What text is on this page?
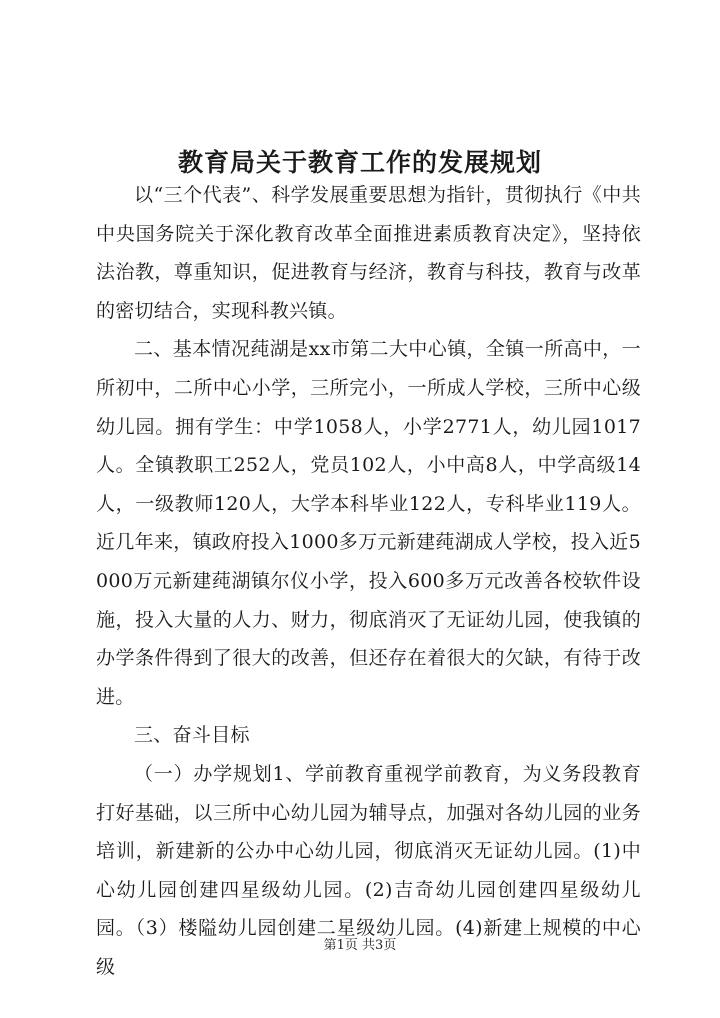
教育局关于教育工作的发展规划

以“三个代表”、科学发展重要思想为指针，贯彻执行《中共中央国务院关于深化教育改革全面推进素质教育决定》，坚持依法治教，尊重知识，促进教育与经济，教育与科技，教育与改革的密切结合，实现科教兴镇。

二、基本情况莼湖是xx市第二大中心镇，全镇一所高中，一所初中，二所中心小学，三所完小，一所成人学校，三所中心级幼儿园。拥有学生：中学1058人，小学2771人，幼儿园1017人。全镇教职工252人，党员102人，小中高8人，中学高级14人，一级教师120人，大学本科毕业122人，专科毕业119人。近几年来，镇政府投入1000多万元新建莼湖成人学校，投入近5000万元新建莼湖镇尔仪小学，投入600多万元改善各校软件设施，投入大量的人力、财力，彻底消灭了无证幼儿园，使我镇的办学条件得到了很大的改善，但还存在着很大的欠缺，有待于改进。

三、奋斗目标

（一）办学规划1、学前教育重视学前教育，为义务段教育打好基础，以三所中心幼儿园为辅导点，加强对各幼儿园的业务培训，新建新的公办中心幼儿园，彻底消灭无证幼儿园。(1)中心幼儿园创建四星级幼儿园。(2)吉奇幼儿园创建四星级幼儿园。（3）楼隘幼儿园创建二星级幼儿园。(4)新建上规模的中心级

第1页 共3页
